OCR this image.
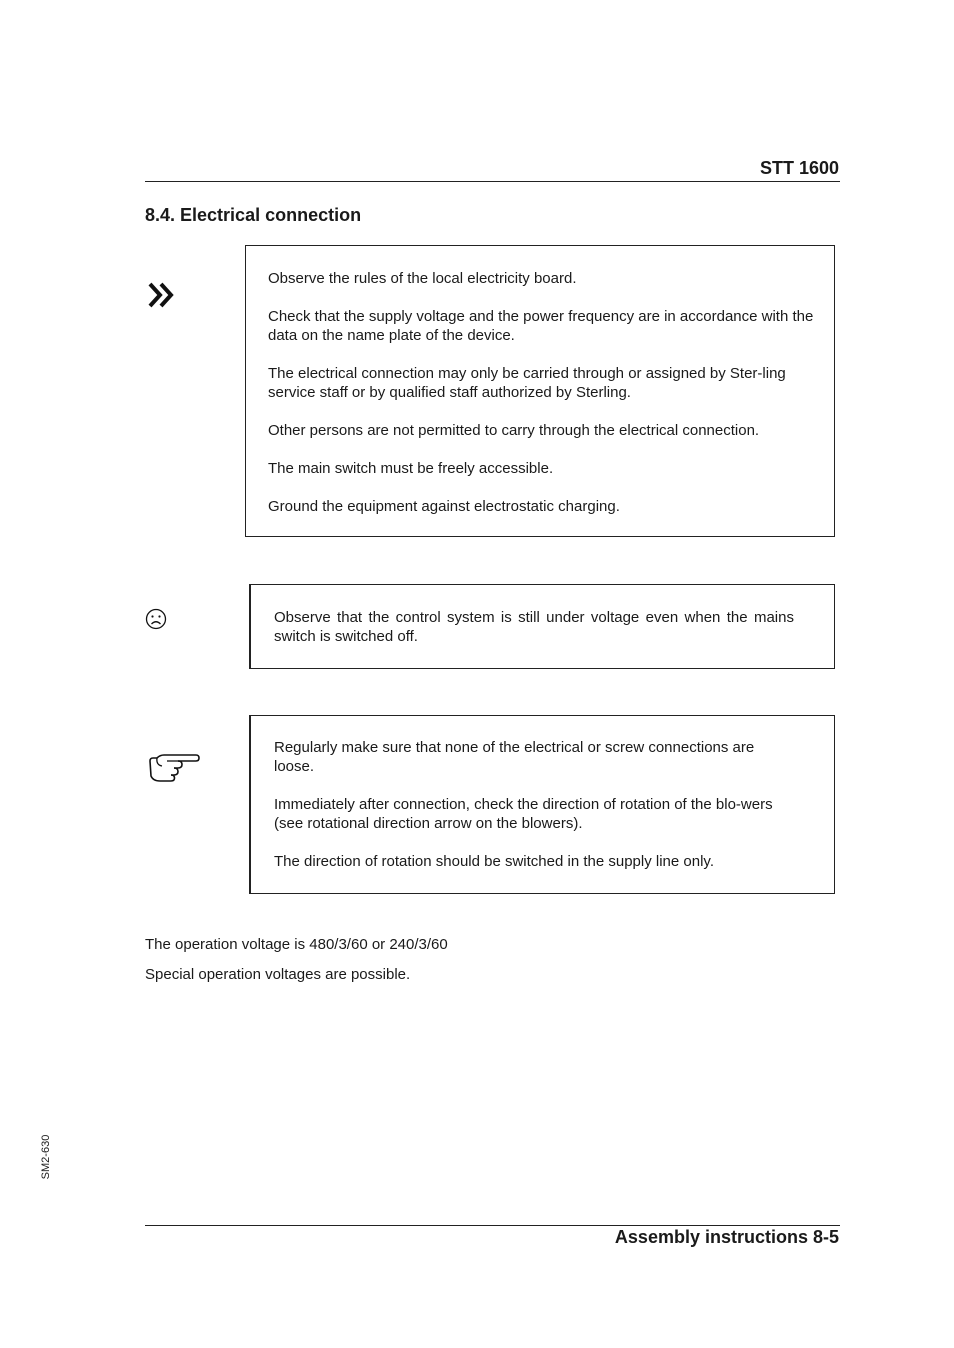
STT 1600
8.4. Electrical connection

Observe the rules of the local electricity board.

Check that the supply voltage and the power frequency are in accordance with the data on the name plate of the device.

The electrical connection may only be carried through or assigned by Ster-ling service staff or by qualified staff authorized by Sterling.

Other persons are not permitted to carry through the electrical connection.

The main switch must be freely accessible.

Ground the equipment against electrostatic charging.

Observe that the control system is still under voltage even when the mains switch is switched off.

Regularly make sure that none of the electrical or screw connections are loose.

Immediately after connection, check the direction of rotation of the blo-wers (see rotational direction arrow on the blowers).

The direction of rotation should be switched in the supply line only.

The operation voltage is 480/3/60 or 240/3/60
Special operation voltages are possible.
SM2-630
Assembly instructions 8-5
